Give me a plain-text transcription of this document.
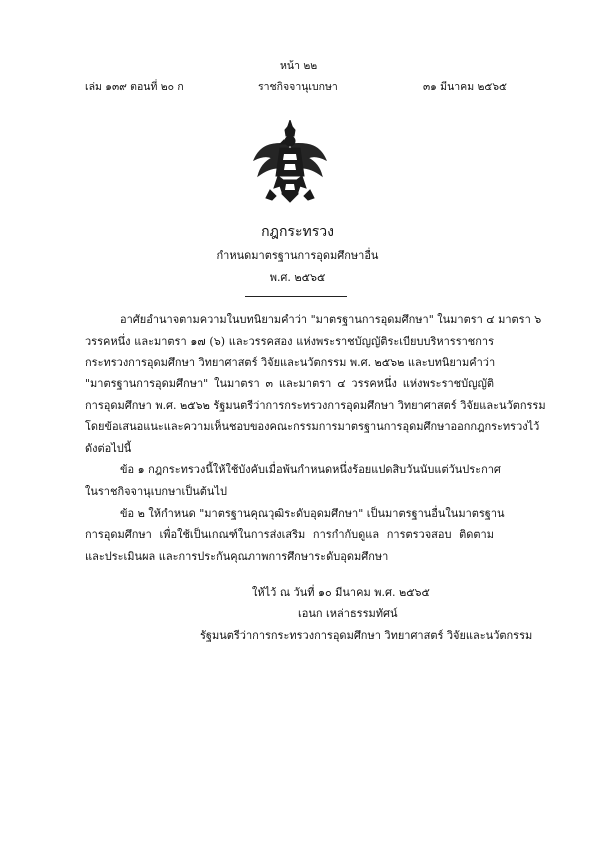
หน้า ๒๒
เล่ม ๑๓๙ ตอนที่ ๒๐ ก	ราชกิจจานุเบกษา	๓๑ มีนาคม ๒๕๖๕
กฎกระทรวง
กำหนดมาตรฐานการอุดมศึกษาอื่น
พ.ศ. ๒๕๖๕
อาศัยอำนาจตามความในบทนิยามคำว่า "มาตรฐานการอุดมศึกษา" ในมาตรา ๔ มาตรา ๖
วรรคหนึ่ง และมาตรา ๑๗ (๖) และวรรคสอง แห่งพระราชบัญญัติระเบียบบริหารราชการ
กระทรวงการอุดมศึกษา วิทยาศาสตร์ วิจัยและนวัตกรรม พ.ศ. ๒๕๖๒ และบทนิยามคำว่า
"มาตรฐานการอุดมศึกษา" ในมาตรา ๓ และมาตรา ๔ วรรคหนึ่ง แห่งพระราชบัญญัติ
การอุดมศึกษา พ.ศ. ๒๕๖๒ รัฐมนตรีว่าการกระทรวงการอุดมศึกษา วิทยาศาสตร์ วิจัยและนวัตกรรม
โดยข้อเสนอแนะและความเห็นชอบของคณะกรรมการมาตรฐานการอุดมศึกษาออกกฎกระทรวงไว้
ดังต่อไปนี้
ข้อ ๑ กฎกระทรวงนี้ให้ใช้บังคับเมื่อพ้นกำหนดหนึ่งร้อยแปดสิบวันนับแต่วันประกาศ
ในราชกิจจานุเบกษาเป็นต้นไป
ข้อ ๒ ให้กำหนด "มาตรฐานคุณวุฒิระดับอุดมศึกษา" เป็นมาตรฐานอื่นในมาตรฐาน
การอุดมศึกษา เพื่อใช้เป็นเกณฑ์ในการส่งเสริม การกำกับดูแล การตรวจสอบ ติดตาม
และประเมินผล และการประกันคุณภาพการศึกษาระดับอุดมศึกษา
ให้ไว้ ณ วันที่ ๑๐ มีนาคม พ.ศ. ๒๕๖๕
เอนก เหล่าธรรมทัศน์
รัฐมนตรีว่าการกระทรวงการอุดมศึกษา วิทยาศาสตร์ วิจัยและนวัตกรรม
